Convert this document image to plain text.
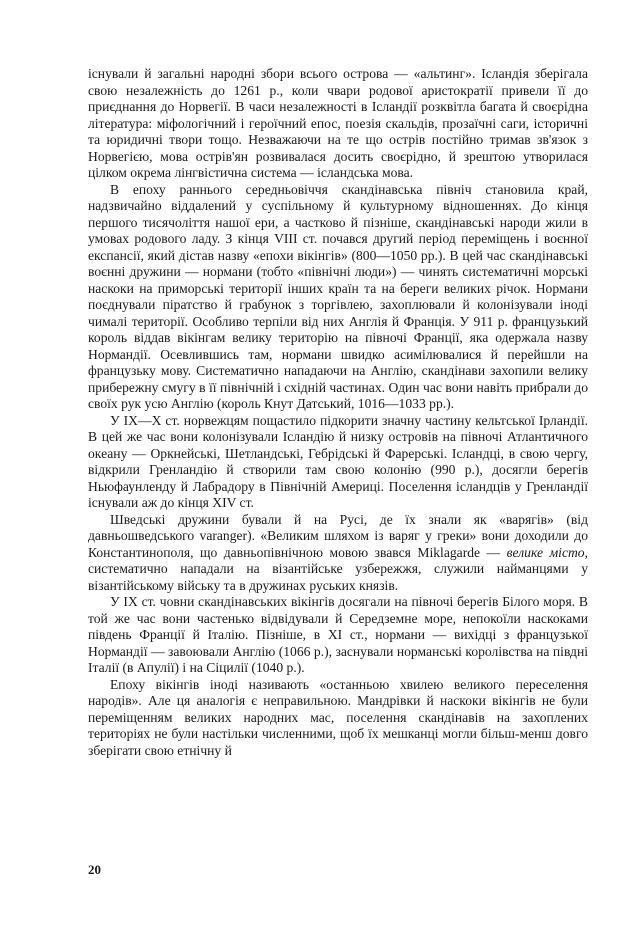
існували й загальні народні збори всього острова — «альтинг». Ісландія зберігала свою незалежність до 1261 р., коли чвари родової аристократії привели її до приєднання до Норвегії. В часи незалежності в Ісландії розквітла багата й своєрідна література: міфологічний і героїчний епос, поезія скальдів, прозаїчні саги, історичні та юридичні твори тощо. Незважаючи на те що острів постійно тримав зв'язок з Норвегією, мова острів'ян розвивалася досить своєрідно, й зрештою утворилася цілком окрема лінгвістична система — ісландська мова.

В епоху раннього середньовіччя скандінавська північ становила край, надзвичайно віддалений у суспільному й культурному відношеннях. До кінця першого тисячоліття нашої ери, а частково й пізніше, скандінавські народи жили в умовах родового ладу. З кінця VIII ст. почався другий період переміщень і воєнної експансії, який дістав назву «епохи вікінгів» (800—1050 рр.). В цей час скандінавські воєнні дружини — нормани (тобто «північні люди») — чинять систематичні морські наскоки на приморські території інших країн та на береги великих річок. Нормани поєднували піратство й грабунок з торгівлею, захоплювали й колонізували іноді чималі території. Особливо терпіли від них Англія й Франція. У 911 р. французький король віддав вікінгам велику територію на півночі Франції, яка одержала назву Нормандії. Осевлившись там, нормани швидко асимілювалися й перейшли на французьку мову. Систематично нападаючи на Англію, скандінави захопили велику прибережну смугу в її північній і східній частинах. Один час вони навіть прибрали до своїх рук усю Англію (король Кнут Датський, 1016—1033 рр.).

У IX—X ст. норвежцям пощастило підкорити значну частину кельтської Ірландії. В цей же час вони колонізували Ісландію й низку островів на півночі Атлантичного океану — Оркнейські, Шетландські, Гебрідські й Фарерські. Ісландці, в свою чергу, відкрили Гренландію й створили там свою колонію (990 р.), досягли берегів Ньюфаунленду й Лабрадору в Північній Америці. Поселення ісландців у Гренландії існували аж до кінця XIV ст.

Шведські дружини бували й на Русі, де їх знали як «варягів» (від давньошведського varanger). «Великим шляхом із варяг у греки» вони доходили до Константинополя, що давньопівнічною мовою звався Miklagarde — велике місто, систематично нападали на візантійське узбережжя, служили найманцями у візантійському війську та в дружинах руських князів.

У IX ст. човни скандінавських вікінгів досягали на півночі берегів Білого моря. В той же час вони частенько відвідували й Середземне море, непокоїли наскоками південь Франції й Італію. Пізніше, в XI ст., нормани — вихідці з французької Нормандії — завоювали Англію (1066 р.), заснували норманські королівства на півдні Італії (в Апулії) і на Сіцилії (1040 р.).

Епоху вікінгів іноді називають «останньою хвилею великого переселення народів». Але ця аналогія є неправильною. Мандрівки й наскоки вікінгів не були переміщенням великих народних мас, поселення скандінавів на захоплених територіях не були настільки численними, щоб їх мешканці могли більш-менш довго зберігати свою етнічну й

20
